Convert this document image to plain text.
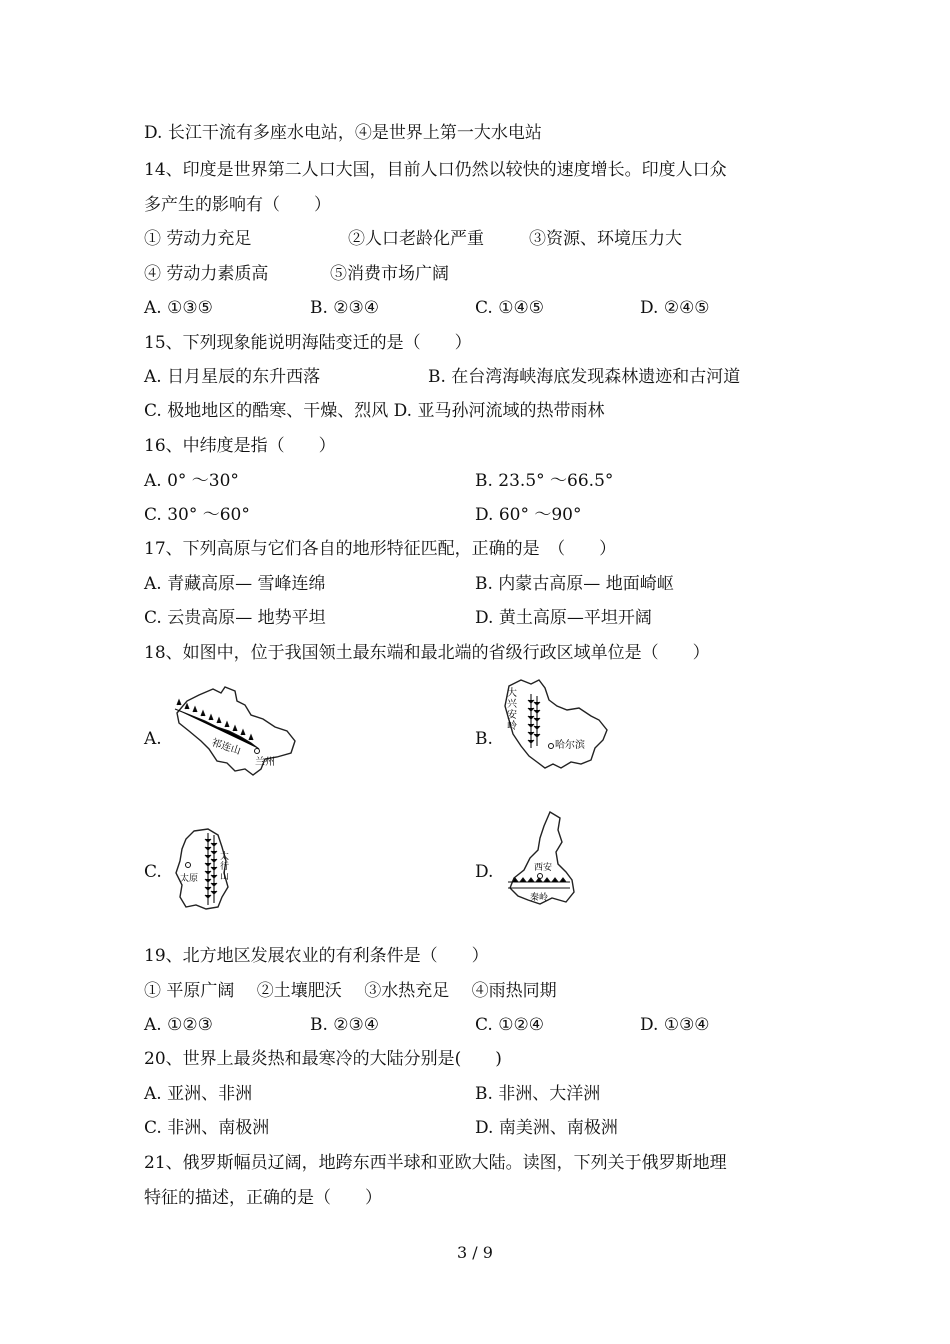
D. 长江干流有多座水电站，④是世界上第一大水电站
14、印度是世界第二人口大国，目前人口仍然以较快的速度增长。印度人口众
多产生的影响有（　　）
① 劳动力充足	②人口老龄化严重	③资源、环境压力大
④ 劳动力素质高	⑤消费市场广阔
A. ①③⑤	B. ②③④	C. ①④⑤	D. ②④⑤
15、下列现象能说明海陆变迁的是（　　）
A. 日月星辰的东升西落	B. 在台湾海峡海底发现森林遗迹和古河道
C. 极地地区的酷寒、干燥、烈风 D. 亚马孙河流域的热带雨林
16、中纬度是指（　　）
A. 0° ～30°	B. 23.5° ～66.5°
C. 30° ～60°	D. 60° ～90°
17、下列高原与它们各自的地形特征匹配，正确的是　（　　）
A. 青藏高原— 雪峰连绵	B. 内蒙古高原— 地面崎岖
C. 云贵高原— 地势平坦	D. 黄土高原—平坦开阔
18、如图中，位于我国领土最东端和最北端的省级行政区域单位是（　　）
A.	祁连山
兰州
B.
大
兴
安
岭
哈尔滨
C.
太
行
山
太原	D.	西安
秦岭
19、北方地区发展农业的有利条件是（　　）
① 平原广阔　 ②土壤肥沃　 ③水热充足　 ④雨热同期
A. ①②③	B. ②③④	C. ①②④	D. ①③④
20、世界上最炎热和最寒冷的大陆分别是(　　)
A. 亚洲、非洲	B. 非洲、大洋洲
C. 非洲、南极洲	D. 南美洲、南极洲
21、俄罗斯幅员辽阔，地跨东西半球和亚欧大陆。读图，下列关于俄罗斯地理
特征的描述，正确的是（　　）
3 / 9
